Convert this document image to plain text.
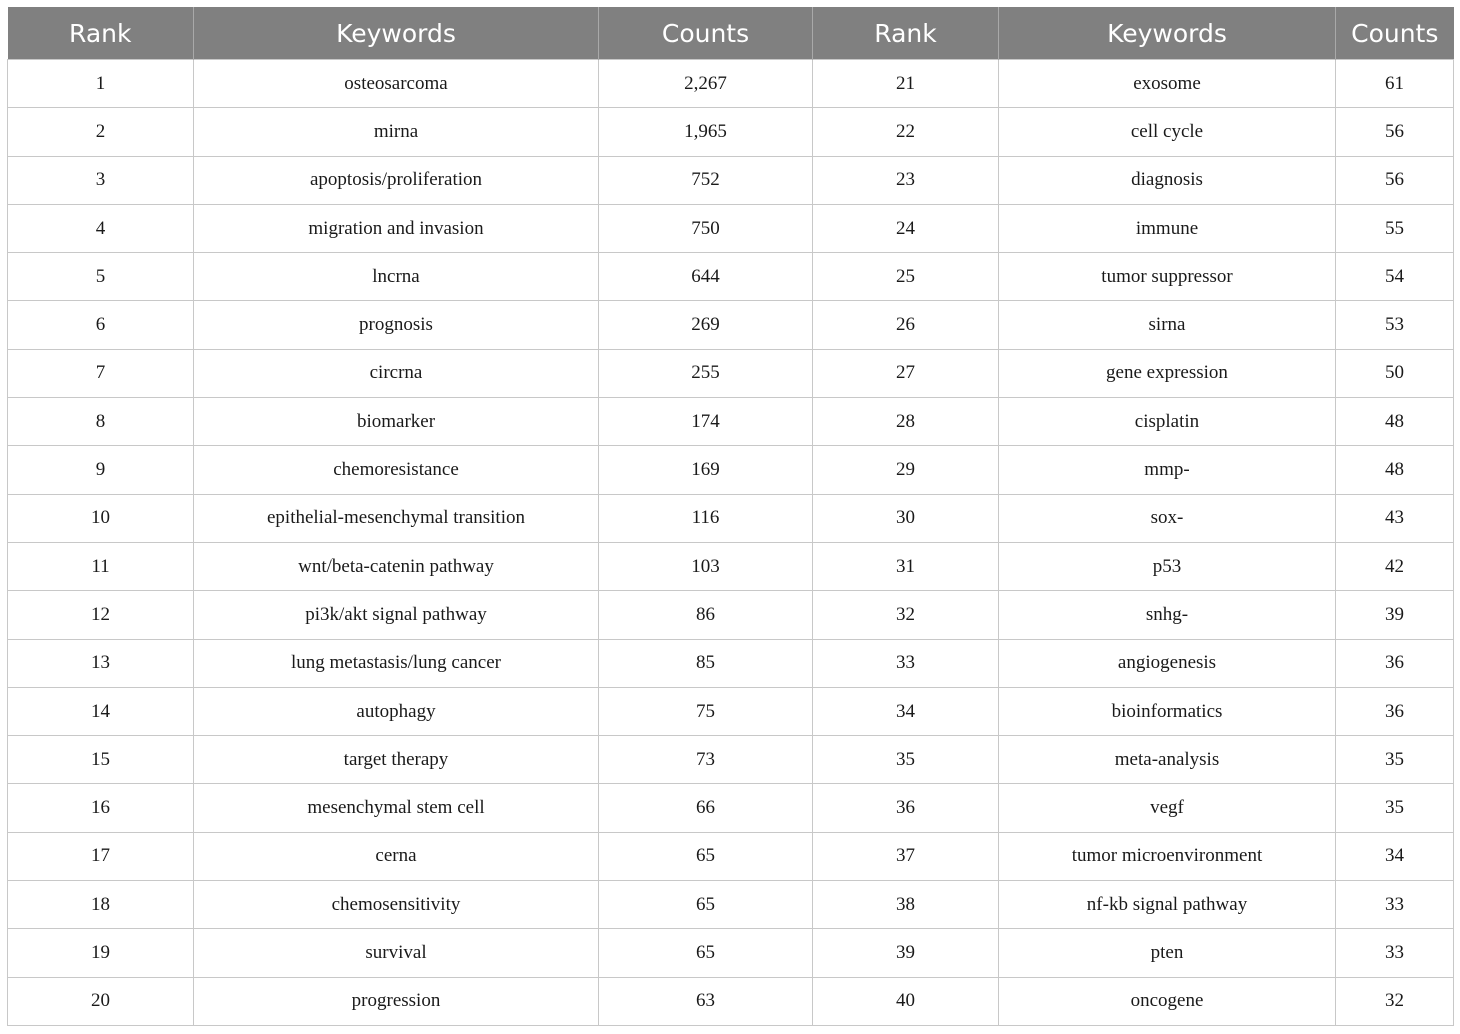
Rank	Keywords	Counts	Rank	Keywords	Counts
1	osteosarcoma	2,267	21	exosome	61
2	mirna	1,965	22	cell cycle	56
3	apoptosis/proliferation	752	23	diagnosis	56
4	migration and invasion	750	24	immune	55
5	lncrna	644	25	tumor suppressor	54
6	prognosis	269	26	sirna	53
7	circrna	255	27	gene expression	50
8	biomarker	174	28	cisplatin	48
9	chemoresistance	169	29	mmp-	48
10	epithelial-mesenchymal transition	116	30	sox-	43
11	wnt/beta-catenin pathway	103	31	p53	42
12	pi3k/akt signal pathway	86	32	snhg-	39
13	lung metastasis/lung cancer	85	33	angiogenesis	36
14	autophagy	75	34	bioinformatics	36
15	target therapy	73	35	meta-analysis	35
16	mesenchymal stem cell	66	36	vegf	35
17	cerna	65	37	tumor microenvironment	34
18	chemosensitivity	65	38	nf-kb signal pathway	33
19	survival	65	39	pten	33
20	progression	63	40	oncogene	32
